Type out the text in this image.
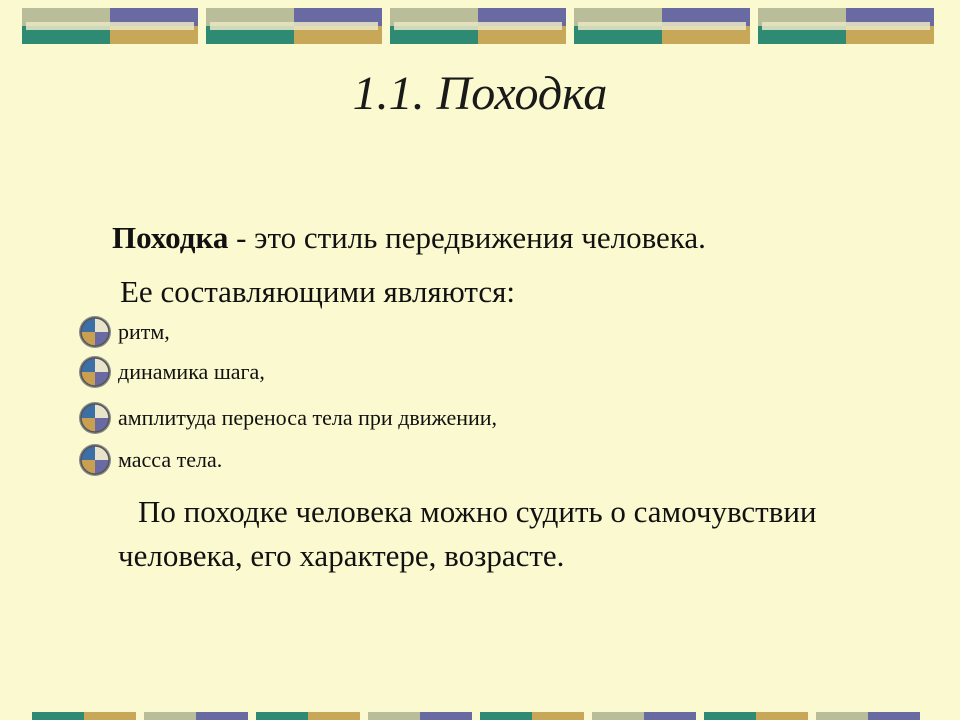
1.1. Походка
Походка - это стиль передвижения человека.
Ее составляющими являются:
ритм,
динамика шага,
амплитуда переноса тела при движении,
масса тела.
По походке человека можно судить о самочувствии человека, его характере, возрасте.
